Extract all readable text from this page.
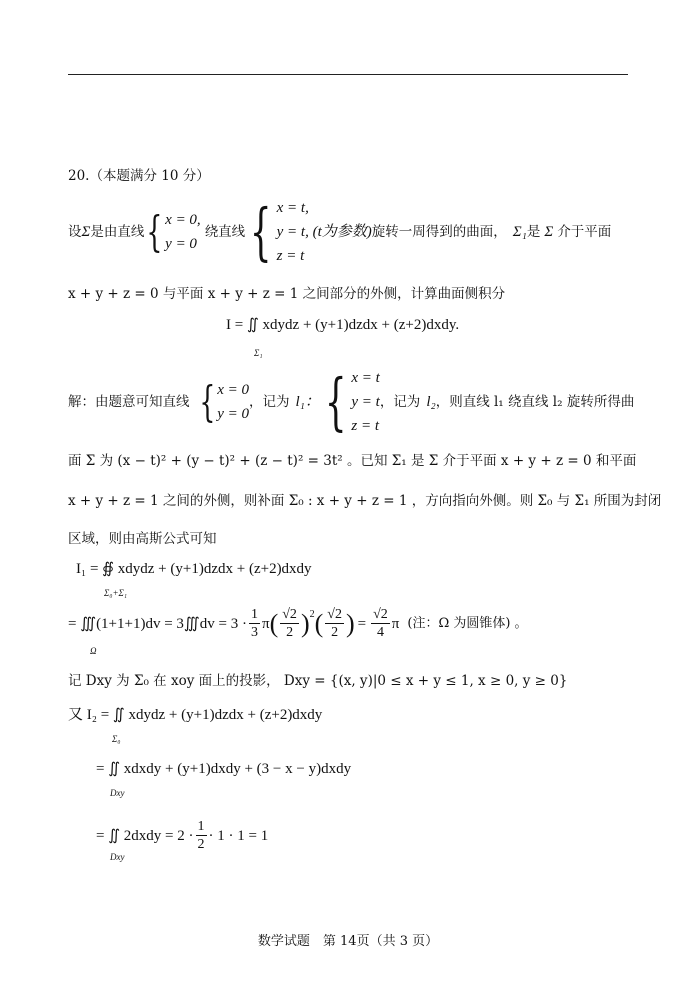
20.（本题满分 10 分）
设 Σ 是由直线 { x = 0,
y = 0
绕直线 { x = t,
y = t, (t为参数)
z = t
旋转一周得到的曲面， Σ₁ 是 Σ 介于平面
x + y + z = 0 与平面 x + y + z = 1 之间部分的外侧，计算曲面侧积分
I = ∬ xdydz + (y+1)dzdx + (z+2)dxdy.
Σ₁
解：由题意可知直线 { x = 0
y = 0
，记为 l₁： { x = t
y = t
z = t
，记为 l₂ ，则直线 l₁ 绕直线 l₂ 旋转所得曲
面 Σ 为 (x − t)² + (y − t)² + (z − t)² = 3t² 。已知 Σ₁ 是 Σ 介于平面 x + y + z = 0 和平面
x + y + z = 1 之间的外侧，则补面 Σ₀ : x + y + z = 1 ，方向指向外侧。则 Σ₀ 与 Σ₁ 所围为封闭
区域，则由高斯公式可知
I₁ = ∯ xdydz + (y+1)dzdx + (z+2)dxdy
Σ₀+Σ₁
= ∭(1+1+1)dv = 3∭dv = $3 \cdot \frac{1}{3}$ π ( $\frac{√2}{2}$ ) 2 ( $\frac{√2}{2}$ ) = $\frac{√2}{4}$ π (注：Ω 为圆锥体) 。
Ω
记 Dxy 为 Σ₀ 在 xoy 面上的投影， Dxy = {(x, y)|0 ≤ x + y ≤ 1, x ≥ 0, y ≥ 0}
又 I₂ = ∬ xdydz + (y+1)dzdx + (z+2)dxdy
Σ₀
= ∬ xdxdy + (y+1)dxdy + (3 − x − y)dxdy
Dxy
= ∬ 2dxdy = $2 \cdot \frac{1}{2} \cdot 1 \cdot 1 = 1$
Dxy
数学试题　第 14页（共 3 页）
